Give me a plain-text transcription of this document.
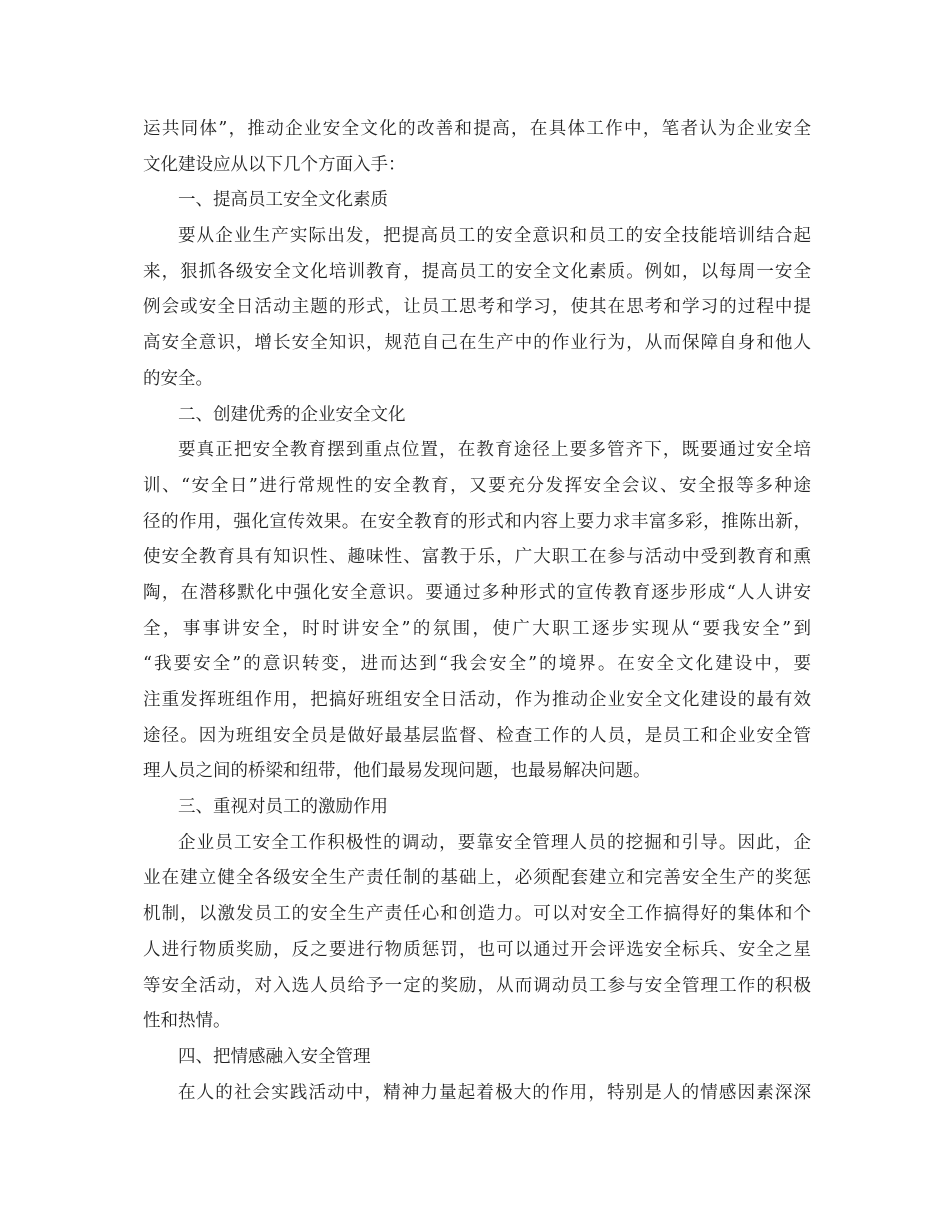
运共同体”，推动企业安全文化的改善和提高，在具体工作中，笔者认为企业安全
文化建设应从以下几个方面入手：
一、提高员工安全文化素质
要从企业生产实际出发，把提高员工的安全意识和员工的安全技能培训结合起
来，狠抓各级安全文化培训教育，提高员工的安全文化素质。例如，以每周一安全
例会或安全日活动主题的形式，让员工思考和学习，使其在思考和学习的过程中提
高安全意识，增长安全知识，规范自己在生产中的作业行为，从而保障自身和他人
的安全。
二、创建优秀的企业安全文化
要真正把安全教育摆到重点位置，在教育途径上要多管齐下，既要通过安全培
训、“安全日”进行常规性的安全教育，又要充分发挥安全会议、安全报等多种途
径的作用，强化宣传效果。在安全教育的形式和内容上要力求丰富多彩，推陈出新，
使安全教育具有知识性、趣味性、富教于乐，广大职工在参与活动中受到教育和熏
陶，在潜移默化中强化安全意识。要通过多种形式的宣传教育逐步形成“人人讲安
全，事事讲安全，时时讲安全”的氛围，使广大职工逐步实现从“要我安全”到
“我要安全”的意识转变，进而达到“我会安全”的境界。在安全文化建设中，要
注重发挥班组作用，把搞好班组安全日活动，作为推动企业安全文化建设的最有效
途径。因为班组安全员是做好最基层监督、检查工作的人员，是员工和企业安全管
理人员之间的桥梁和纽带，他们最易发现问题，也最易解决问题。
三、重视对员工的激励作用
企业员工安全工作积极性的调动，要靠安全管理人员的挖掘和引导。因此，企
业在建立健全各级安全生产责任制的基础上，必须配套建立和完善安全生产的奖惩
机制，以激发员工的安全生产责任心和创造力。可以对安全工作搞得好的集体和个
人进行物质奖励，反之要进行物质惩罚，也可以通过开会评选安全标兵、安全之星
等安全活动，对入选人员给予一定的奖励，从而调动员工参与安全管理工作的积极
性和热情。
四、把情感融入安全管理
在人的社会实践活动中，精神力量起着极大的作用，特别是人的情感因素深深
